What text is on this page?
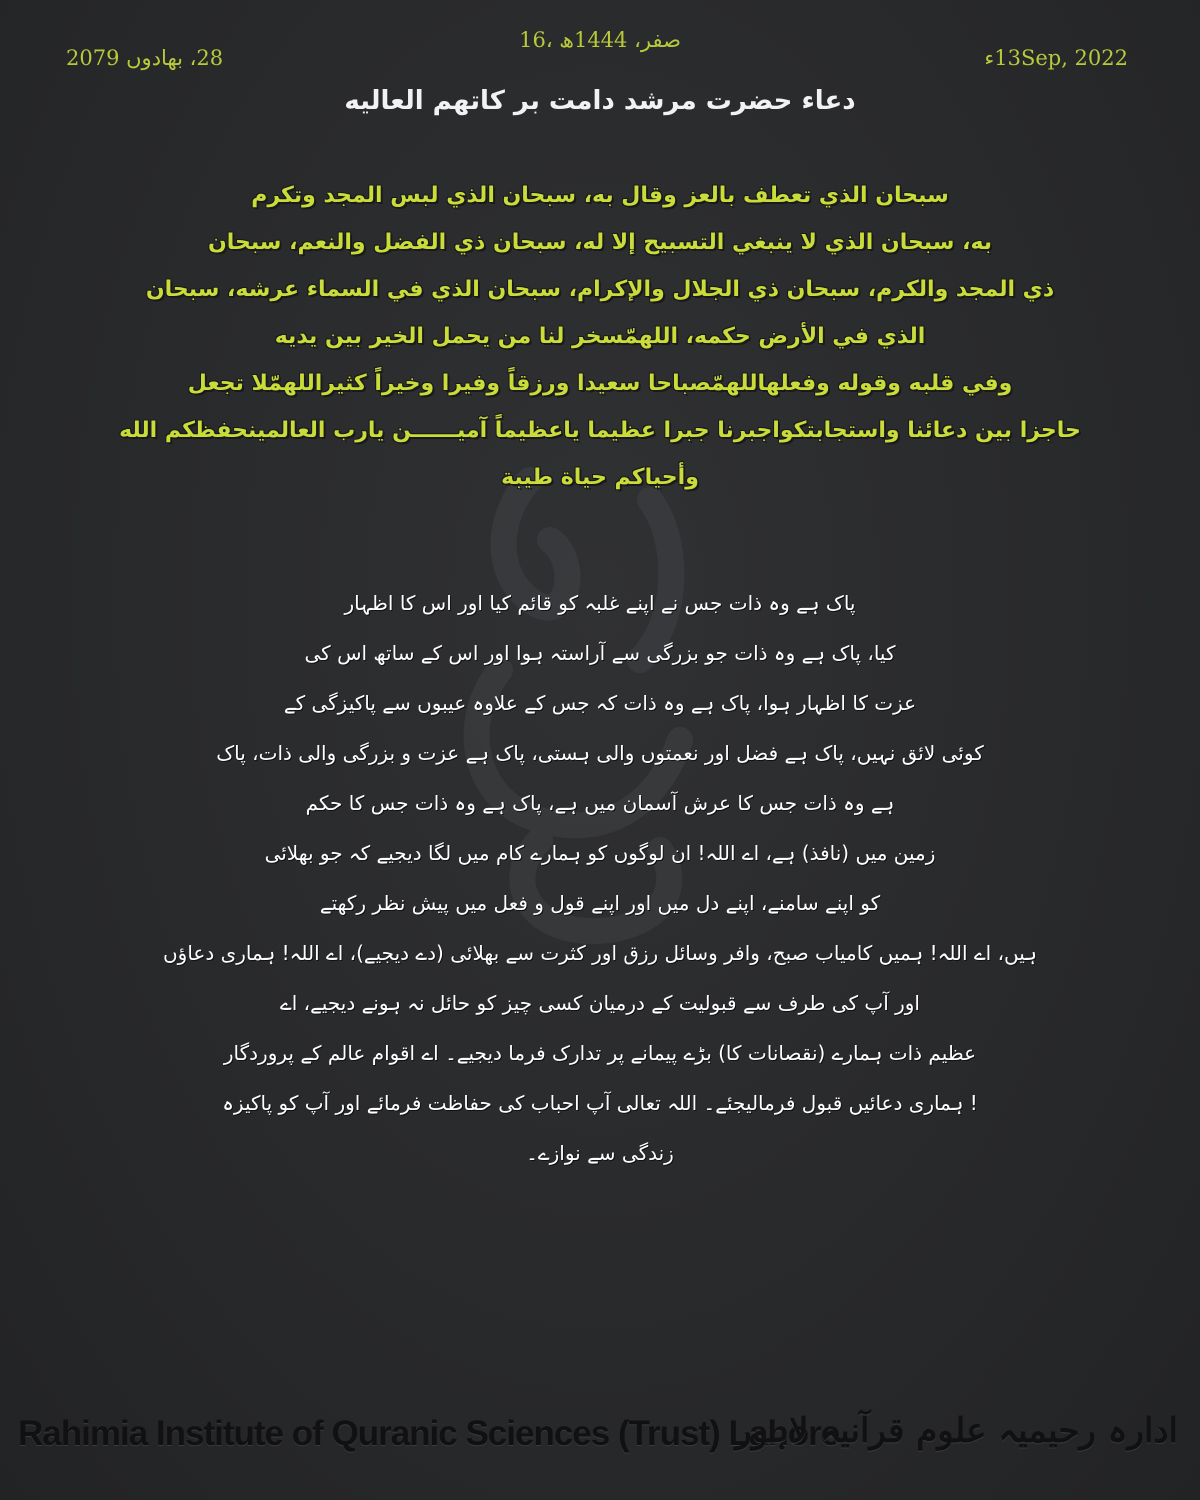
16، صفر، 1444ھ
13Sep, 2022ء
28، بھادوں 2079
دعاء حضرت مرشد دامت بر کاتهم العاليه
سبحان الذي تعطف بالعز وقال به، سبحان الذي لبس المجد وتكرم
به، سبحان الذي لا ينبغي التسبيح إلا له، سبحان ذي الفضل والنعم، سبحان
ذي المجد والكرم، سبحان ذي الجلال والإكرام، سبحان الذي في السماء عرشه، سبحان
الذي في الأرض حكمه، اللهمّسخر لنا من يحمل الخير بين يديه
وفي قلبه وقوله وفعلهاللهمّصباحا سعيدا ورزقاً وفيرا وخيراً كثيراللهمّلا تجعل
حاجزا بين دعائنا واستجابتكواجبرنا جبرا عظيما ياعظيماً آميــــــن يارب العالمينحفظكم الله
وأحياكم حياة طيبة
پاک ہے وہ ذات جس نے اپنے غلبہ کو قائم کیا اور اس کا اظہار
کیا، پاک ہے وہ ذات جو بزرگی سے آراستہ ہوا اور اس کے ساتھ اس کی
عزت کا اظہار ہوا، پاک ہے وہ ذات کہ جس کے علاوہ عیبوں سے پاکیزگی کے
کوئی لائق نہیں، پاک ہے فضل اور نعمتوں والی ہستی، پاک ہے عزت و بزرگی والی ذات، پاک
ہے وہ ذات جس کا عرش آسمان میں ہے، پاک ہے وہ ذات جس کا حکم
زمین میں (نافذ) ہے، اے اللہ! ان لوگوں کو ہمارے کام میں لگا دیجیے کہ جو بھلائی
کو اپنے سامنے، اپنے دل میں اور اپنے قول و فعل میں پیش نظر رکھتے
ہیں، اے اللہ! ہمیں کامیاب صبح، وافر وسائل رزق اور کثرت سے بھلائی (دے دیجیے)، اے اللہ! ہماری دعاؤں
اور آپ کی طرف سے قبولیت کے درمیان کسی چیز کو حائل نہ ہونے دیجیے، اے
عظیم ذات ہمارے (نقصانات کا) بڑے پیمانے پر تدارک فرما دیجیے۔ اے اقوام عالم کے پروردگار
! ہماری دعائیں قبول فرمالیجئے۔ اللہ تعالی آپ احباب کی حفاظت فرمائے اور آپ کو پاکیزہ
زندگی سے نوازے۔
Rahimia Institute of Quranic Sciences (Trust) Lahore
ادارہ رحیمیہ علوم قرآنیہ لاہور
